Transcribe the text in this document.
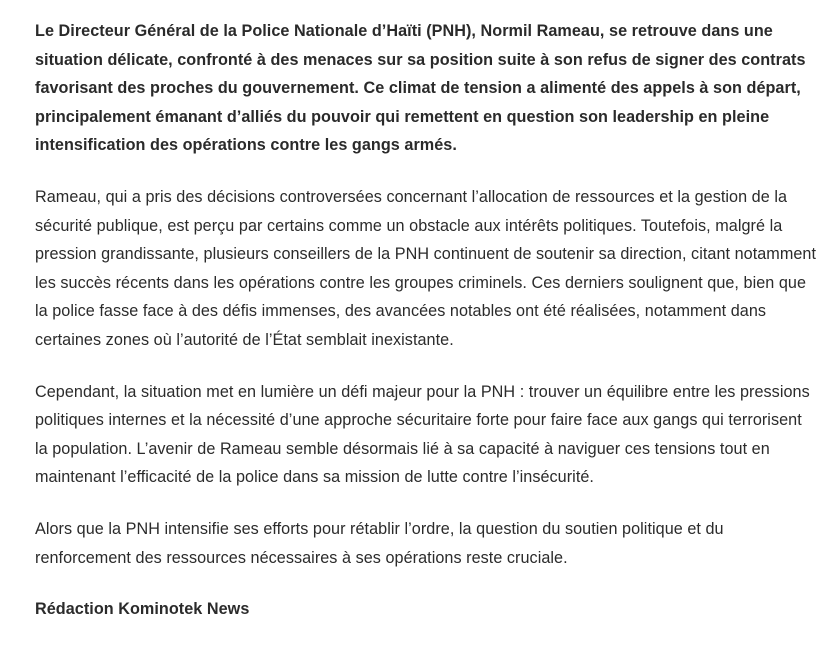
Le Directeur Général de la Police Nationale d’Haïti (PNH), Normil Rameau, se retrouve dans une situation délicate, confronté à des menaces sur sa position suite à son refus de signer des contrats favorisant des proches du gouvernement. Ce climat de tension a alimenté des appels à son départ, principalement émanant d’alliés du pouvoir qui remettent en question son leadership en pleine intensification des opérations contre les gangs armés.

Rameau, qui a pris des décisions controversées concernant l’allocation de ressources et la gestion de la sécurité publique, est perçu par certains comme un obstacle aux intérêts politiques. Toutefois, malgré la pression grandissante, plusieurs conseillers de la PNH continuent de soutenir sa direction, citant notamment les succès récents dans les opérations contre les groupes criminels. Ces derniers soulignent que, bien que la police fasse face à des défis immenses, des avancées notables ont été réalisées, notamment dans certaines zones où l’autorité de l’État semblait inexistante.

Cependant, la situation met en lumière un défi majeur pour la PNH : trouver un équilibre entre les pressions politiques internes et la nécessité d’une approche sécuritaire forte pour faire face aux gangs qui terrorisent la population. L’avenir de Rameau semble désormais lié à sa capacité à naviguer ces tensions tout en maintenant l’efficacité de la police dans sa mission de lutte contre l’insécurité.

Alors que la PNH intensifie ses efforts pour rétablir l’ordre, la question du soutien politique et du renforcement des ressources nécessaires à ses opérations reste cruciale.

Rédaction Kominotek News
